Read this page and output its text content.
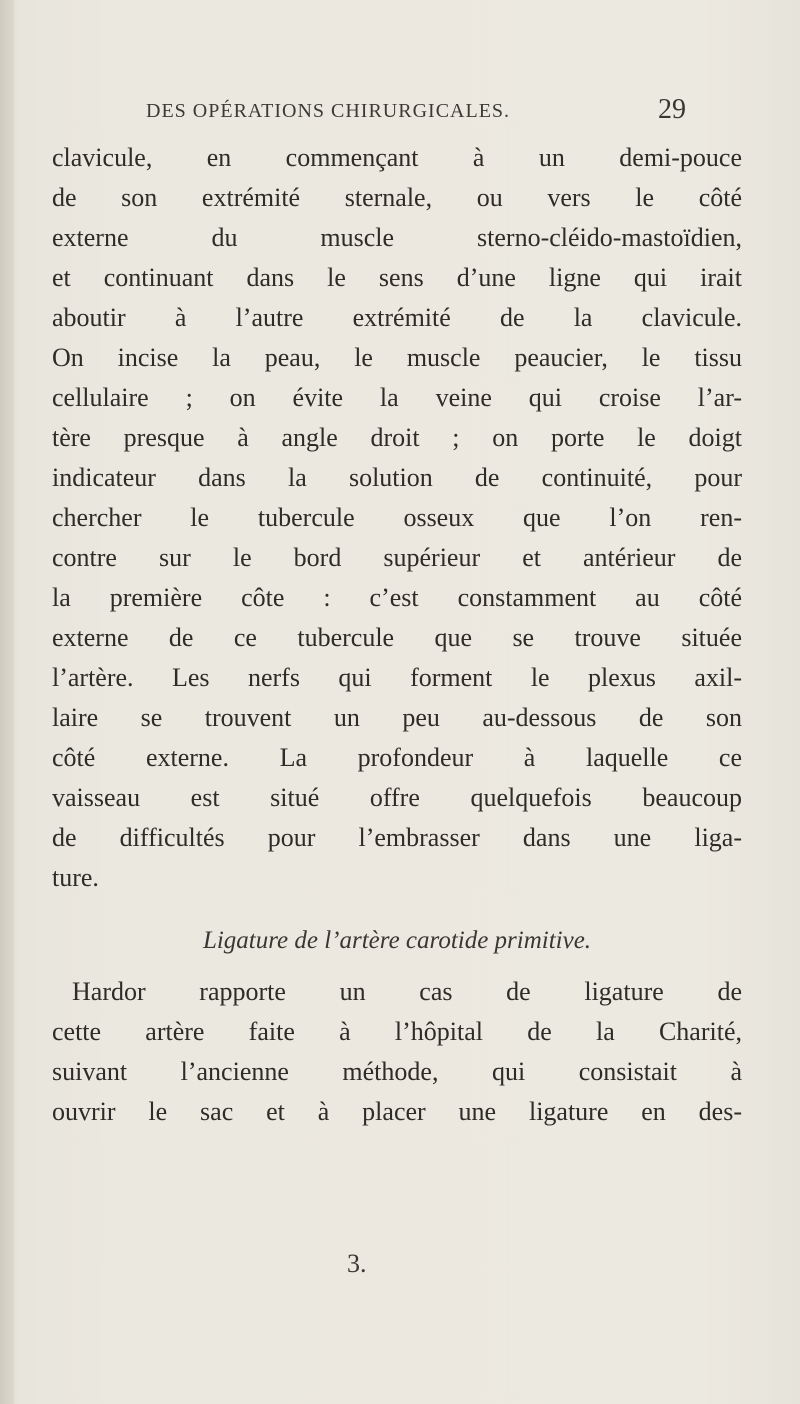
DES OPÉRATIONS CHIRURGICALES.	29
clavicule, en commençant à un demi-pouce
de son extrémité sternale, ou vers le côté
externe du muscle sterno-cléido-mastoïdien,
et continuant dans le sens d’une ligne qui irait
aboutir à l’autre extrémité de la clavicule.
On incise la peau, le muscle peaucier, le tissu
cellulaire ; on évite la veine qui croise l’ar-
tère presque à angle droit ; on porte le doigt
indicateur dans la solution de continuité, pour
chercher le tubercule osseux que l’on ren-
contre sur le bord supérieur et antérieur de
la première côte : c’est constamment au côté
externe de ce tubercule que se trouve située
l’artère. Les nerfs qui forment le plexus axil-
laire se trouvent un peu au-dessous de son
côté externe. La profondeur à laquelle ce
vaisseau est situé offre quelquefois beaucoup
de difficultés pour l’embrasser dans une liga-
ture.
Ligature de l’artère carotide primitive.
Hardor rapporte un cas de ligature de
cette artère faite à l’hôpital de la Charité,
suivant l’ancienne méthode, qui consistait à
ouvrir le sac et à placer une ligature en des-
3.
